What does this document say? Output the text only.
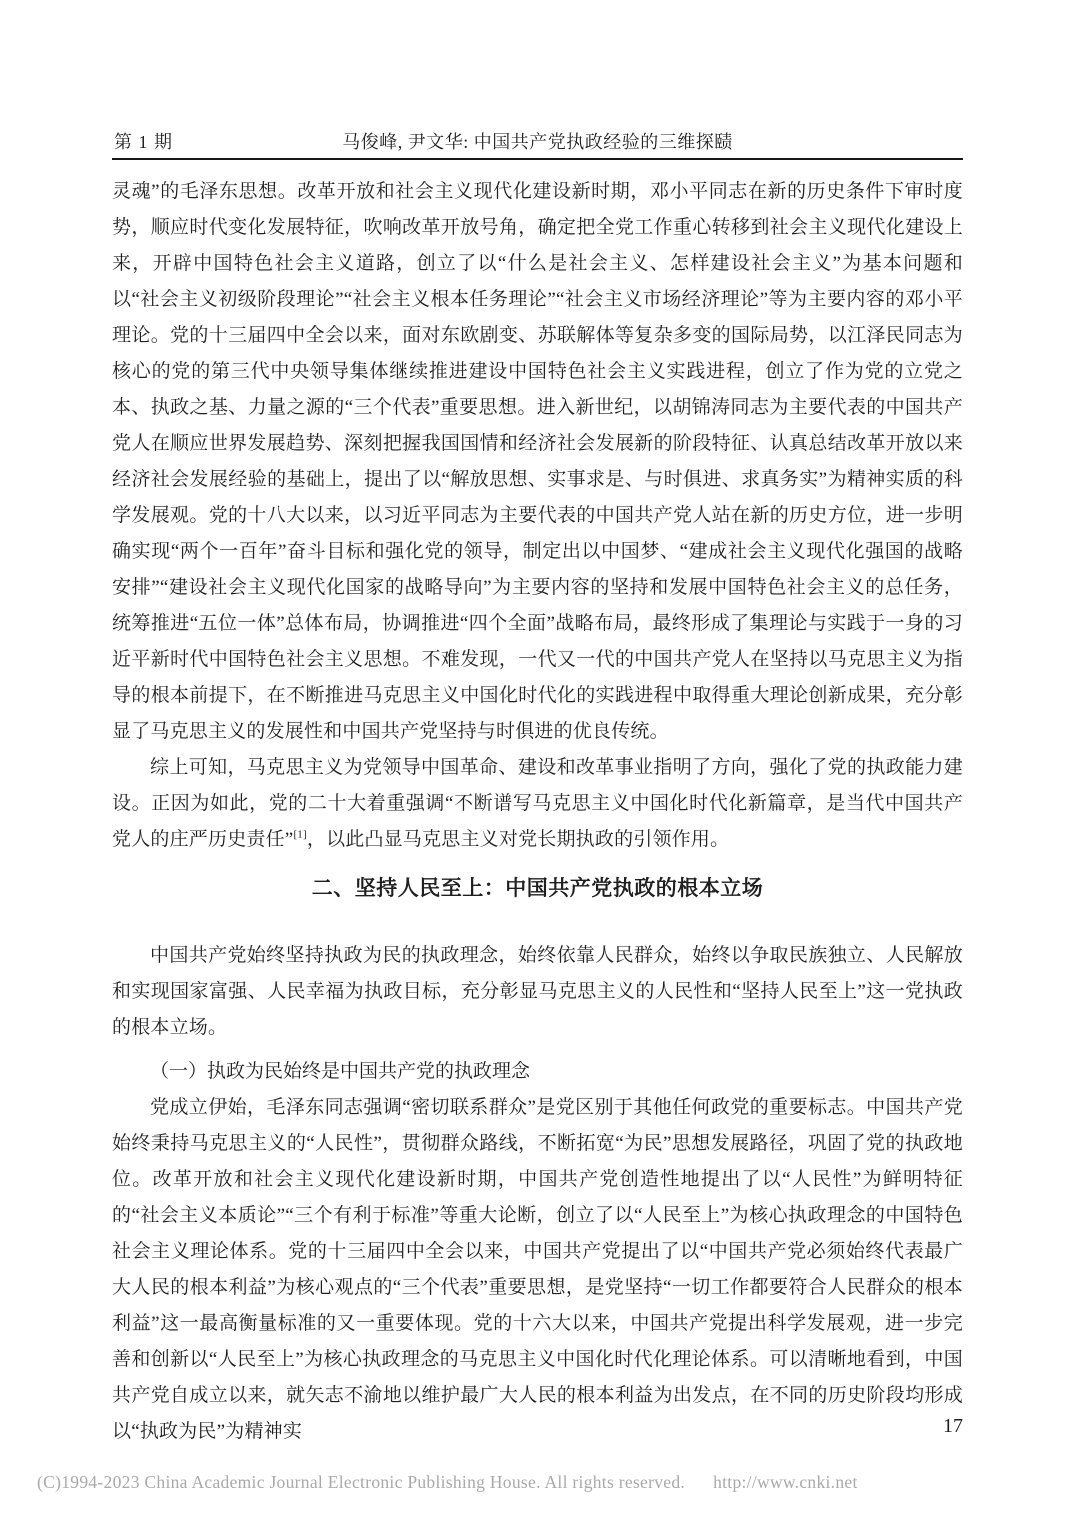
第 1 期	马俊峰, 尹文华: 中国共产党执政经验的三维探赜

灵魂”的毛泽东思想。改革开放和社会主义现代化建设新时期，邓小平同志在新的历史条件下审时度势，顺应时代变化发展特征，吹响改革开放号角，确定把全党工作重心转移到社会主义现代化建设上来，开辟中国特色社会主义道路，创立了以“什么是社会主义、怎样建设社会主义”为基本问题和以“社会主义初级阶段理论”“社会主义根本任务理论”“社会主义市场经济理论”等为主要内容的邓小平理论。党的十三届四中全会以来，面对东欧剧变、苏联解体等复杂多变的国际局势，以江泽民同志为核心的党的第三代中央领导集体继续推进建设中国特色社会主义实践进程，创立了作为党的立党之本、执政之基、力量之源的“三个代表”重要思想。进入新世纪，以胡锦涛同志为主要代表的中国共产党人在顺应世界发展趋势、深刻把握我国国情和经济社会发展新的阶段特征、认真总结改革开放以来经济社会发展经验的基础上，提出了以“解放思想、实事求是、与时俱进、求真务实”为精神实质的科学发展观。党的十八大以来，以习近平同志为主要代表的中国共产党人站在新的历史方位，进一步明确实现“两个一百年”奋斗目标和强化党的领导，制定出以中国梦、“建成社会主义现代化强国的战略安排”“建设社会主义现代化国家的战略导向”为主要内容的坚持和发展中国特色社会主义的总任务，统筹推进“五位一体”总体布局，协调推进“四个全面”战略布局，最终形成了集理论与实践于一身的习近平新时代中国特色社会主义思想。不难发现，一代又一代的中国共产党人在坚持以马克思主义为指导的根本前提下，在不断推进马克思主义中国化时代化的实践进程中取得重大理论创新成果，充分彰显了马克思主义的发展性和中国共产党坚持与时俱进的优良传统。

综上可知，马克思主义为党领导中国革命、建设和改革事业指明了方向，强化了党的执政能力建设。正因为如此，党的二十大着重强调“不断谱写马克思主义中国化时代化新篇章，是当代中国共产党人的庄严历史责任”[1]，以此凸显马克思主义对党长期执政的引领作用。

二、坚持人民至上：中国共产党执政的根本立场

中国共产党始终坚持执政为民的执政理念，始终依靠人民群众，始终以争取民族独立、人民解放和实现国家富强、人民幸福为执政目标，充分彰显马克思主义的人民性和“坚持人民至上”这一党执政的根本立场。

（一）执政为民始终是中国共产党的执政理念

党成立伊始，毛泽东同志强调“密切联系群众”是党区别于其他任何政党的重要标志。中国共产党始终秉持马克思主义的“人民性”，贯彻群众路线，不断拓宽“为民”思想发展路径，巩固了党的执政地位。改革开放和社会主义现代化建设新时期，中国共产党创造性地提出了以“人民性”为鲜明特征的“社会主义本质论”“三个有利于标准”等重大论断，创立了以“人民至上”为核心执政理念的中国特色社会主义理论体系。党的十三届四中全会以来，中国共产党提出了以“中国共产党必须始终代表最广大人民的根本利益”为核心观点的“三个代表”重要思想，是党坚持“一切工作都要符合人民群众的根本利益”这一最高衡量标准的又一重要体现。党的十六大以来，中国共产党提出科学发展观，进一步完善和创新以“人民至上”为核心执政理念的马克思主义中国化时代化理论体系。可以清晰地看到，中国共产党自成立以来，就矢志不渝地以维护最广大人民的根本利益为出发点，在不同的历史阶段均形成以“执政为民”为精神实	17
(C)1994-2023 China Academic Journal Electronic Publishing House. All rights reserved. http://www.cnki.net
